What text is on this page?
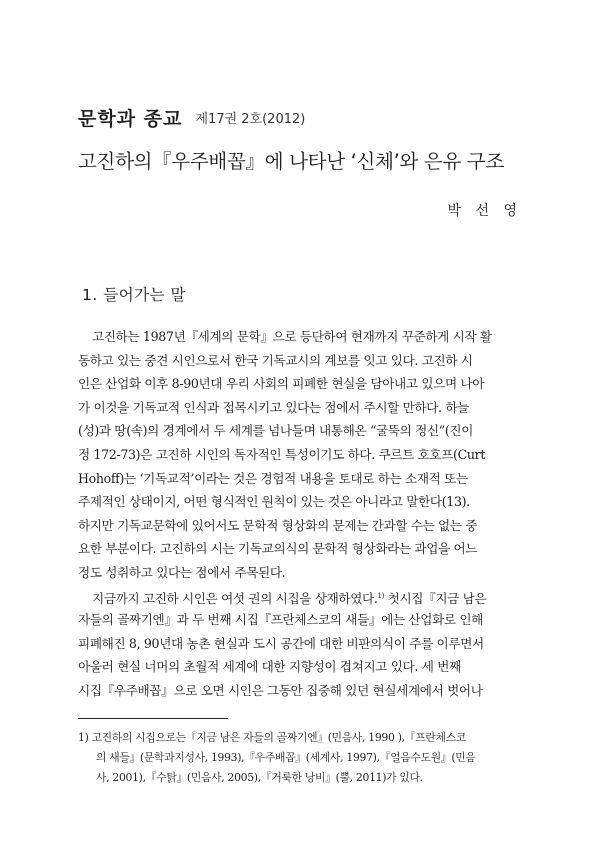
문학과 종교 제17권 2호(2012)
고진하의『우주배꼽』에 나타난 ‘신체’와 은유 구조
박 선 영
1. 들어가는 말
고진하는 1987년『세계의 문학』으로 등단하여 현재까지 꾸준하게 시작 활
동하고 있는 중견 시인으로서 한국 기독교시의 계보를 잇고 있다. 고진하 시
인은 산업화 이후 8-90년대 우리 사회의 피폐한 현실을 담아내고 있으며 나아
가 이것을 기독교적 인식과 접목시키고 있다는 점에서 주시할 만하다. 하늘
(성)과 땅(속)의 경계에서 두 세계를 넘나들며 내통해온 “굴뚝의 정신”(진이
정 172-73)은 고진하 시인의 독자적인 특성이기도 하다. 쿠르트 호호프(Curt
Hohoff)는 ‘기독교적’이라는 것은 경험적 내용을 토대로 하는 소재적 또는
주제적인 상태이지, 어떤 형식적인 원칙이 있는 것은 아니라고 말한다(13).
하지만 기독교문학에 있어서도 문학적 형상화의 문제는 간과할 수는 없는 중
요한 부분이다. 고진하의 시는 기독교의식의 문학적 형상화라는 과업을 어느
정도 성취하고 있다는 점에서 주목된다.
지금까지 고진하 시인은 여섯 권의 시집을 상재하였다.$^{1)}$ 첫시집『지금 남은
자들의 골짜기엔』과 두 번째 시집『프란체스코의 새들』에는 산업화로 인해
피폐해진 8, 90년대 농촌 현실과 도시 공간에 대한 비판의식이 주를 이루면서
아울러 현실 너머의 초월적 세계에 대한 지향성이 겹쳐지고 있다. 세 번째
시집『우주배꼽』으로 오면 시인은 그동안 집중해 있던 현실세계에서 벗어나
1) 고진하의 시집으로는『지금 남은 자들의 골짜기엔』(민음사, 1990 ),『프란체스코
의 새들』(문학과지성사, 1993),『우주배꼽』(세계사, 1997),『얼음수도원』(민음
사, 2001),『수탉』(민음사, 2005),『거룩한 낭비』(뿔, 2011)가 있다.
